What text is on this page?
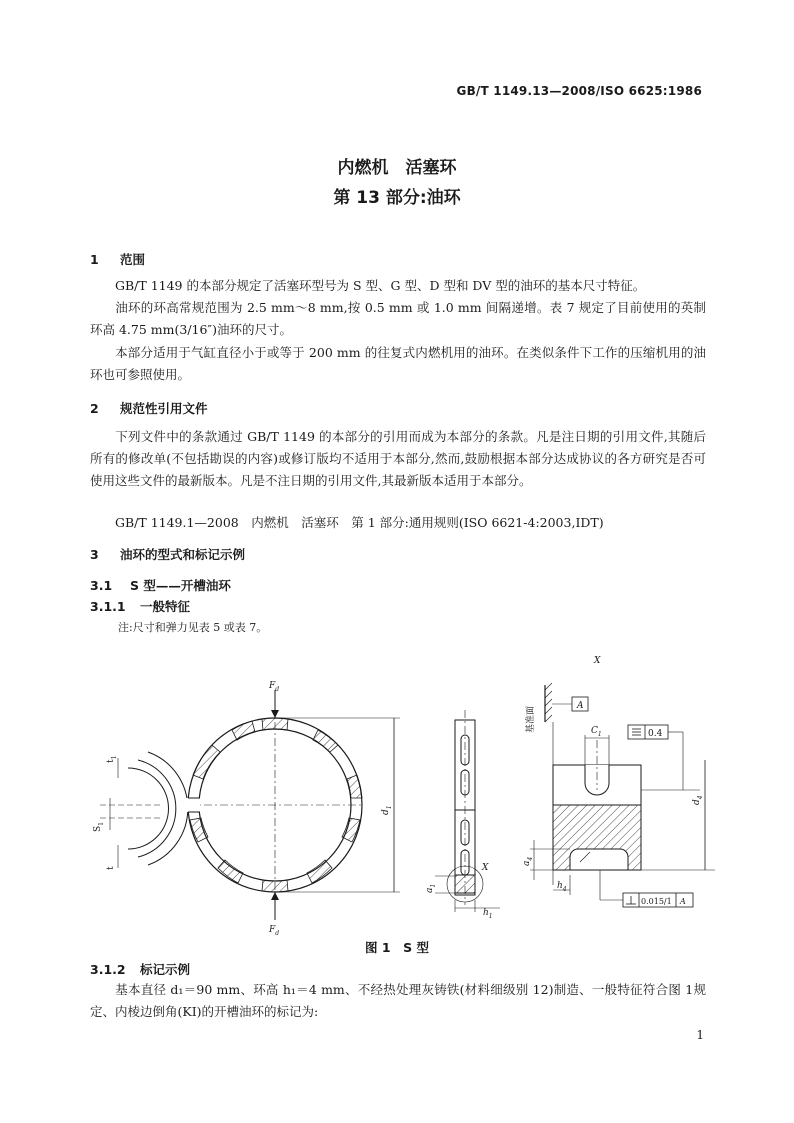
GB/T 1149.13—2008/ISO 6625:1986
内燃机　活塞环
第 13 部分:油环
1 范围
GB/T 1149 的本部分规定了活塞环型号为 S 型、G 型、D 型和 DV 型的油环的基本尺寸特征。
油环的环高常规范围为 2.5 mm～8 mm,按 0.5 mm 或 1.0 mm 间隔递增。表 7 规定了目前使用的英制环高 4.75 mm(3/16″)油环的尺寸。
本部分适用于气缸直径小于或等于 200 mm 的往复式内燃机用的油环。在类似条件下工作的压缩机用的油环也可参照使用。
2 规范性引用文件
下列文件中的条款通过 GB/T 1149 的本部分的引用而成为本部分的条款。凡是注日期的引用文件,其随后所有的修改单(不包括勘误的内容)或修订版均不适用于本部分,然而,鼓励根据本部分达成协议的各方研究是否可使用这些文件的最新版本。凡是不注日期的引用文件,其最新版本适用于本部分。
GB/T 1149.1—2008　内燃机　活塞环　第 1 部分:通用规则(ISO 6621-4:2003,IDT)
3 油环的型式和标记示例
3.1 S 型——开槽油环
3.1.1 一般特征
注:尺寸和弹力见表 5 或表 7。
$t_1$
$S_1$
t
$F_d$
$F_d$
$d_1$
X
$a_1$
$h_1$
X
基准面	A
$C_1$	0.4
$d_4$
$a_4$
$h_4$
0.015/1 A
图 1　S 型
3.1.2 标记示例
基本直径 d₁＝90 mm、环高 h₁＝4 mm、不经热处理灰铸铁(材料细级别 12)制造、一般特征符合图 1规定、内棱边倒角(KI)的开槽油环的标记为:
1
